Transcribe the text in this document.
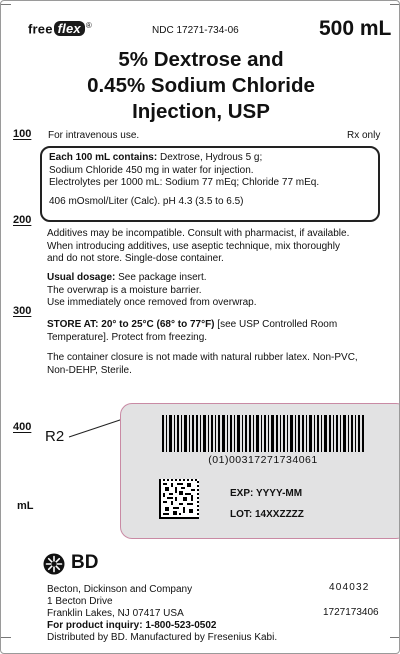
free flex ®	NDC 17271-734-06	500 mL
5% Dextrose and
0.45% Sodium Chloride
Injection, USP
100
200
300
400
mL
For intravenous use.	Rx only
Each 100 mL contains: Dextrose, Hydrous 5 g;
Sodium Chloride 450 mg in water for injection.
Electrolytes per 1000 mL: Sodium 77 mEq; Chloride 77 mEq.
406 mOsmol/Liter (Calc). pH 4.3 (3.5 to 6.5)
Additives may be incompatible. Consult with pharmacist, if available.
When introducing additives, use aseptic technique, mix thoroughly
and do not store. Single-dose container.
Usual dosage: See package insert.
The overwrap is a moisture barrier.
Use immediately once removed from overwrap.
STORE AT: 20° to 25°C (68° to 77°F) [see USP Controlled Room
Temperature]. Protect from freezing.
The container closure is not made with natural rubber latex. Non-PVC,
Non-DEHP, Sterile.
R2
(01)00317271734061
EXP: YYYY-MM
LOT: 14XXZZZZ
BD
Becton, Dickinson and Company
1 Becton Drive
Franklin Lakes, NJ 07417 USA
For product inquiry: 1-800-523-0502
Distributed by BD. Manufactured by Fresenius Kabi.
404032
1727173406
